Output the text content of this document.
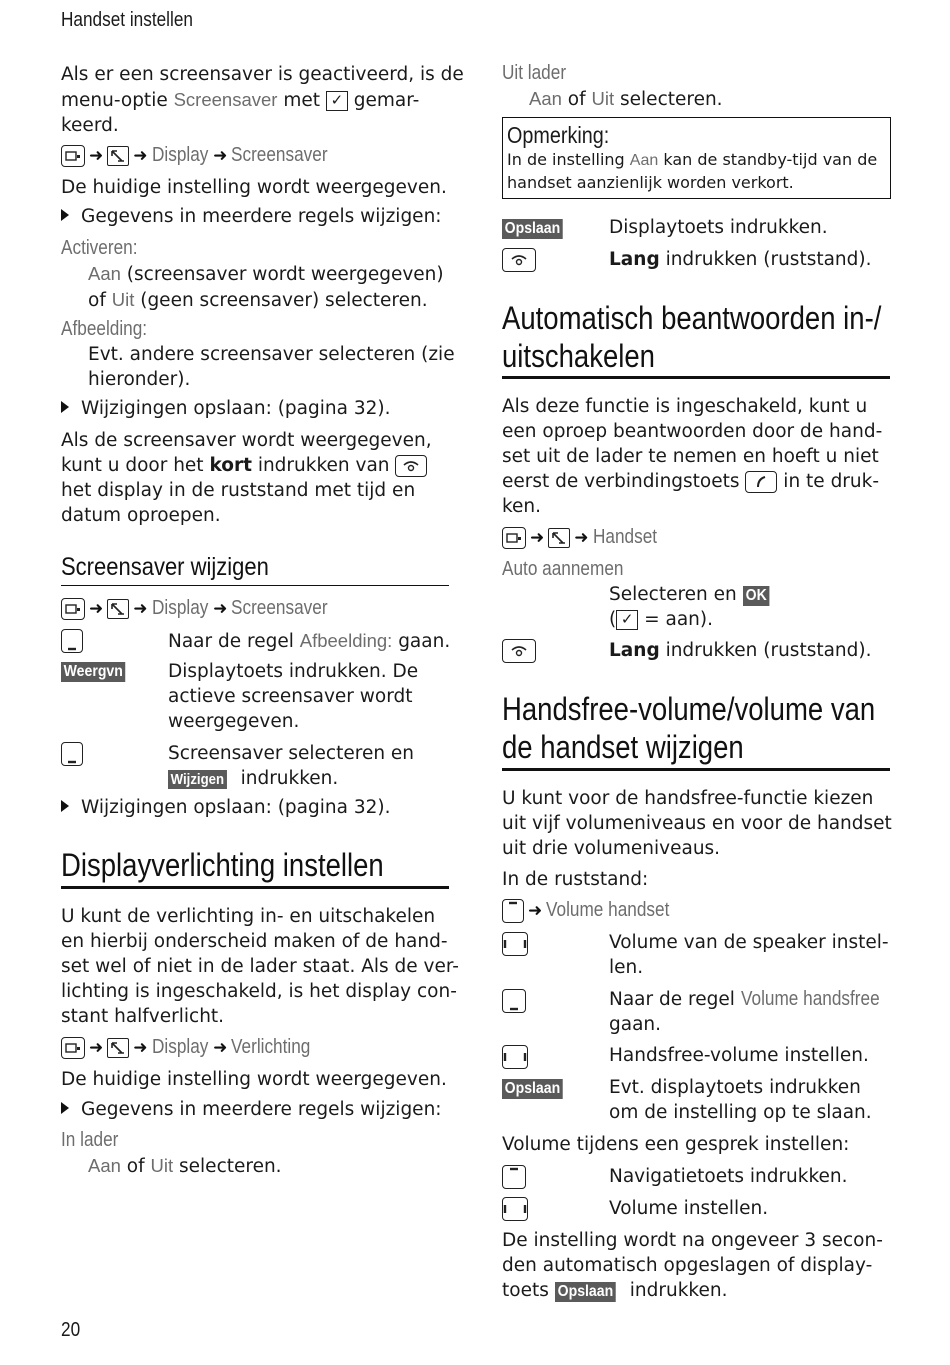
Handset instellen
Als er een screensaver is geactiveerd, is de
menu-optie Screensaver met ✓ gemar-
keerd.
➜ ➜ Display ➜ Screensaver
De huidige instelling wordt weergegeven.
Gegevens in meerdere regels wijzigen:
Activeren:
Aan (screensaver wordt weergegeven)
of Uit (geen screensaver) selecteren.
Afbeelding:
Evt. andere screensaver selecteren (zie
hieronder).
Wijzigingen opslaan: (pagina 32).
Als de screensaver wordt weergegeven,
kunt u door het kort indrukken van
het display in de ruststand met tijd en
datum oproepen.
Screensaver wijzigen
➜ ➜ Display ➜ Screensaver
Naar de regel Afbeelding: gaan.
Weergvn	Displaytoets indrukken. De
actieve screensaver wordt
weergegeven.
Screensaver selecteren en
Wijzigen indrukken.
Wijzigingen opslaan: (pagina 32).
Displayverlichting instellen
U kunt de verlichting in- en uitschakelen
en hierbij onderscheid maken of de hand-
set wel of niet in de lader staat. Als de ver-
lichting is ingeschakeld, is het display con-
stant halfverlicht.
➜ ➜ Display ➜ Verlichting
De huidige instelling wordt weergegeven.
Gegevens in meerdere regels wijzigen:
In lader
Aan of Uit selecteren.
20
Uit lader
Aan of Uit selecteren.
Opmerking:
In de instelling Aan kan de standby-tijd van de
handset aanzienlijk worden verkort.
Opslaan	Displaytoets indrukken.
Lang indrukken (ruststand).
Automatisch beantwoorden in-/
uitschakelen
Als deze functie is ingeschakeld, kunt u
een oproep beantwoorden door de hand-
set uit de lader te nemen en hoeft u niet
eerst de verbindingstoets
in te druk-
ken.
➜ ➜ Handset
Auto aannemen
Selecteren en OK
( ✓ = aan).
Lang indrukken (ruststand).
Handsfree-volume/volume van
de handset wijzigen
U kunt voor de handsfree-functie kiezen
uit vijf volumeniveaus en voor de handset
uit drie volumeniveaus.
In de ruststand:
➜ Volume handset
Volume van de speaker instel-
len.
Naar de regel Volume handsfree
gaan.
Handsfree-volume instellen.
Opslaan	Evt. displaytoets indrukken
om de instelling op te slaan.
Volume tijdens een gesprek instellen:
Navigatietoets indrukken.
Volume instellen.
De instelling wordt na ongeveer 3 secon-
den automatisch opgeslagen of display-
toets Opslaan indrukken.
